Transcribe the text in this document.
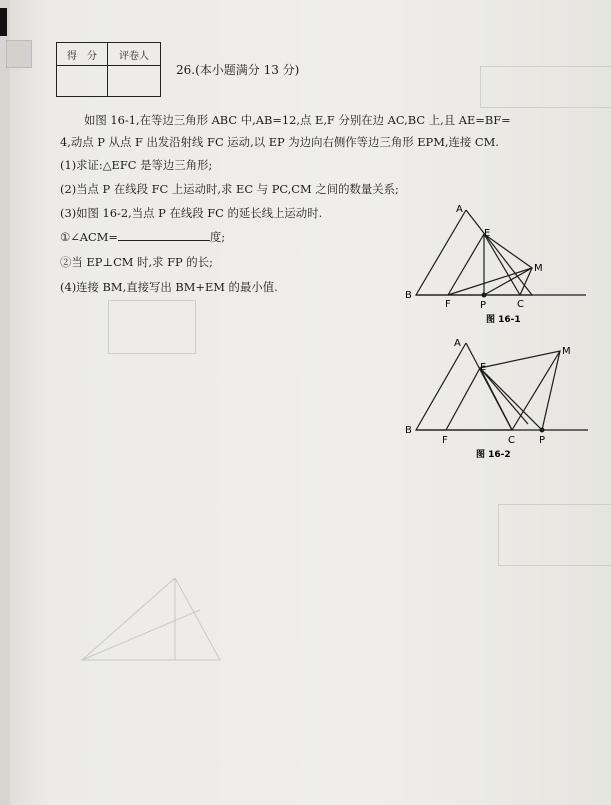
得　分	评卷人

26.(本小题满分 13 分)
如图 16-1,在等边三角形 ABC 中,AB=12,点 E,F 分别在边 AC,BC 上,且 AE=BF=
4,动点 P 从点 F 出发沿射线 FC 运动,以 EP 为边向右侧作等边三角形 EPM,连接 CM.
(1)求证:△EFC 是等边三角形;
(2)当点 P 在线段 FC 上运动时,求 EC 与 PC,CM 之间的数量关系;
(3)如图 16-2,当点 P 在线段 FC 的延长线上运动时.
①∠ACM=	度;
②当 EP⊥CM 时,求 FP 的长;
(4)连接 BM,直接写出 BM+EM 的最小值.
A
B
C
E
F	P
M
图 16-1
A
B
C
E
F	P
M
图 16-2
